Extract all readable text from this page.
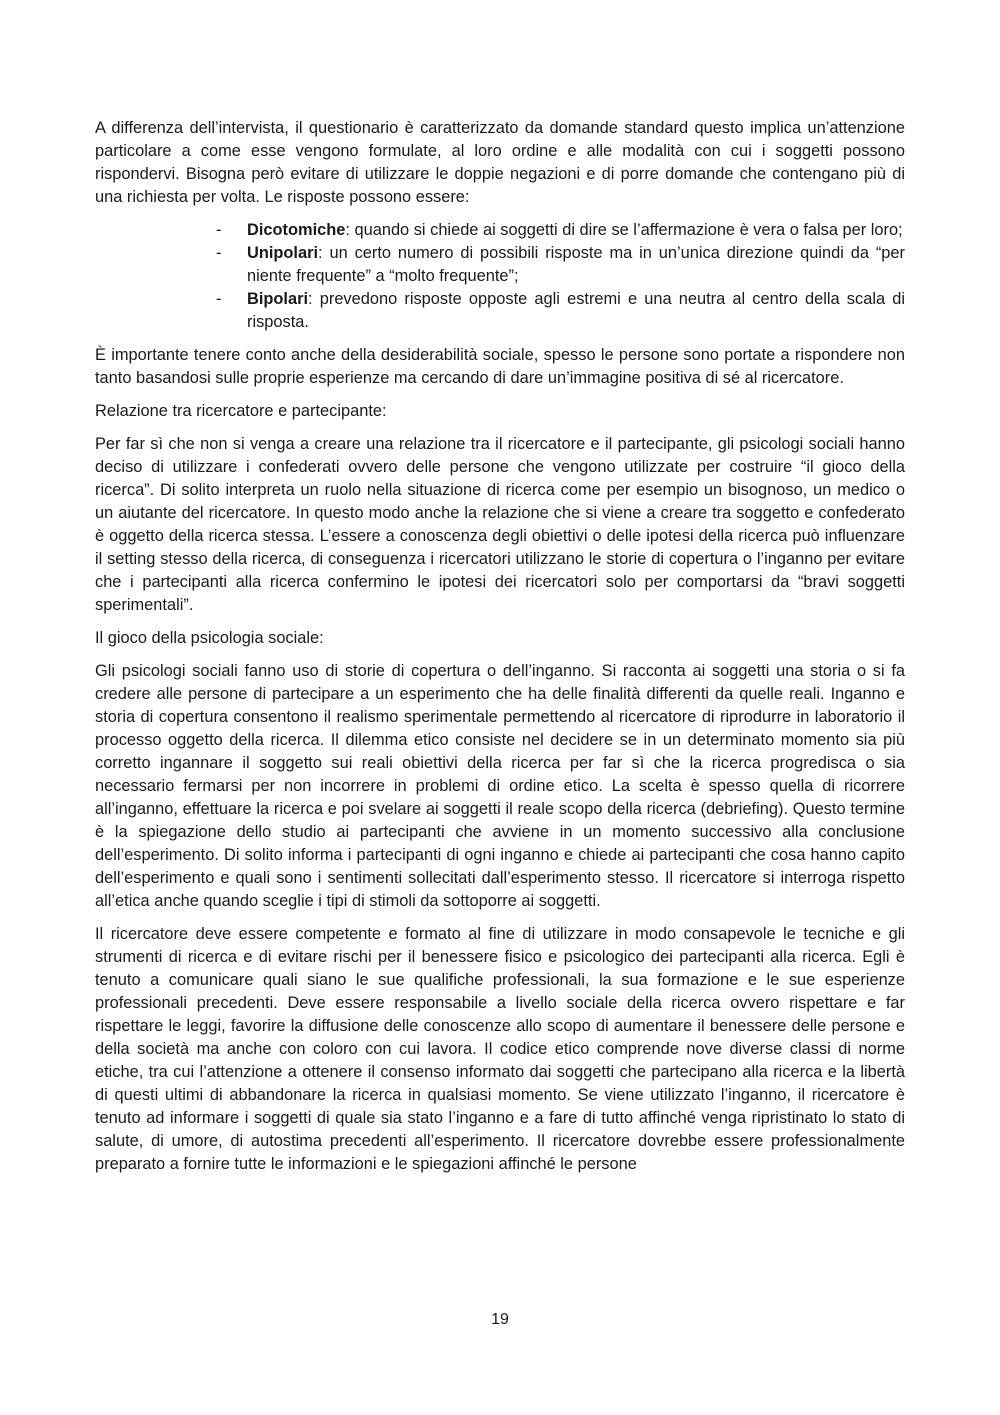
A differenza dell’intervista, il questionario è caratterizzato da domande standard questo implica un’attenzione particolare a come esse vengono formulate, al loro ordine e alle modalità con cui i soggetti possono rispondervi. Bisogna però evitare di utilizzare le doppie negazioni e di porre domande che contengano più di una richiesta per volta. Le risposte possono essere:

- Dicotomiche: quando si chiede ai soggetti di dire se l’affermazione è vera o falsa per loro;
- Unipolari: un certo numero di possibili risposte ma in un’unica direzione quindi da “per niente frequente” a “molto frequente”;
- Bipolari: prevedono risposte opposte agli estremi e una neutra al centro della scala di risposta.

È importante tenere conto anche della desiderabilità sociale, spesso le persone sono portate a rispondere non tanto basandosi sulle proprie esperienze ma cercando di dare un’immagine positiva di sé al ricercatore.

Relazione tra ricercatore e partecipante:

Per far sì che non si venga a creare una relazione tra il ricercatore e il partecipante, gli psicologi sociali hanno deciso di utilizzare i confederati ovvero delle persone che vengono utilizzate per costruire “il gioco della ricerca”. Di solito interpreta un ruolo nella situazione di ricerca come per esempio un bisognoso, un medico o un aiutante del ricercatore. In questo modo anche la relazione che si viene a creare tra soggetto e confederato è oggetto della ricerca stessa. L’essere a conoscenza degli obiettivi o delle ipotesi della ricerca può influenzare il setting stesso della ricerca, di conseguenza i ricercatori utilizzano le storie di copertura o l’inganno per evitare che i partecipanti alla ricerca confermino le ipotesi dei ricercatori solo per comportarsi da “bravi soggetti sperimentali”.

Il gioco della psicologia sociale:

Gli psicologi sociali fanno uso di storie di copertura o dell’inganno. Si racconta ai soggetti una storia o si fa credere alle persone di partecipare a un esperimento che ha delle finalità differenti da quelle reali. Inganno e storia di copertura consentono il realismo sperimentale permettendo al ricercatore di riprodurre in laboratorio il processo oggetto della ricerca. Il dilemma etico consiste nel decidere se in un determinato momento sia più corretto ingannare il soggetto sui reali obiettivi della ricerca per far sì che la ricerca progredisca o sia necessario fermarsi per non incorrere in problemi di ordine etico. La scelta è spesso quella di ricorrere all’inganno, effettuare la ricerca e poi svelare ai soggetti il reale scopo della ricerca (debriefing). Questo termine è la spiegazione dello studio ai partecipanti che avviene in un momento successivo alla conclusione dell’esperimento. Di solito informa i partecipanti di ogni inganno e chiede ai partecipanti che cosa hanno capito dell’esperimento e quali sono i sentimenti sollecitati dall’esperimento stesso. Il ricercatore si interroga rispetto all’etica anche quando sceglie i tipi di stimoli da sottoporre ai soggetti.

Il ricercatore deve essere competente e formato al fine di utilizzare in modo consapevole le tecniche e gli strumenti di ricerca e di evitare rischi per il benessere fisico e psicologico dei partecipanti alla ricerca. Egli è tenuto a comunicare quali siano le sue qualifiche professionali, la sua formazione e le sue esperienze professionali precedenti. Deve essere responsabile a livello sociale della ricerca ovvero rispettare e far rispettare le leggi, favorire la diffusione delle conoscenze allo scopo di aumentare il benessere delle persone e della società ma anche con coloro con cui lavora. Il codice etico comprende nove diverse classi di norme etiche, tra cui l’attenzione a ottenere il consenso informato dai soggetti che partecipano alla ricerca e la libertà di questi ultimi di abbandonare la ricerca in qualsiasi momento. Se viene utilizzato l’inganno, il ricercatore è tenuto ad informare i soggetti di quale sia stato l’inganno e a fare di tutto affinché venga ripristinato lo stato di salute, di umore, di autostima precedenti all’esperimento. Il ricercatore dovrebbe essere professionalmente preparato a fornire tutte le informazioni e le spiegazioni affinché le persone

19
